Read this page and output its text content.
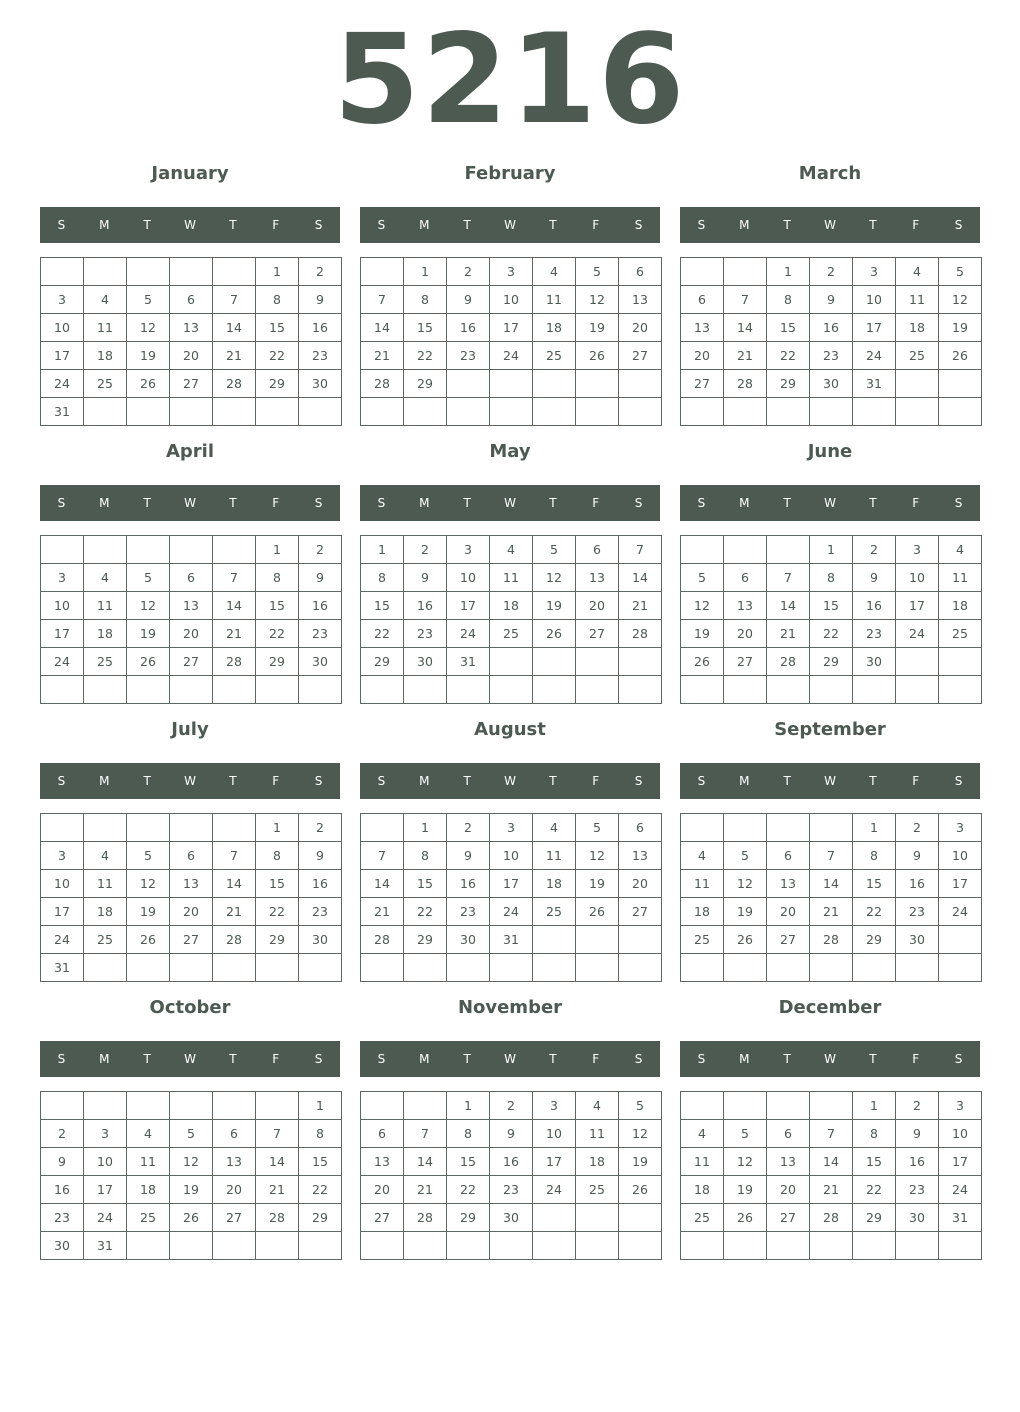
5216
January
S	M	T	W	T	F	S
					1	2
3	4	5	6	7	8	9
10	11	12	13	14	15	16
17	18	19	20	21	22	23
24	25	26	27	28	29	30
31						
February
S	M	T	W	T	F	S
	1	2	3	4	5	6
7	8	9	10	11	12	13
14	15	16	17	18	19	20
21	22	23	24	25	26	27
28	29					

March
S	M	T	W	T	F	S
		1	2	3	4	5
6	7	8	9	10	11	12
13	14	15	16	17	18	19
20	21	22	23	24	25	26
27	28	29	30	31		

April
S	M	T	W	T	F	S
					1	2
3	4	5	6	7	8	9
10	11	12	13	14	15	16
17	18	19	20	21	22	23
24	25	26	27	28	29	30

May
S	M	T	W	T	F	S
1	2	3	4	5	6	7
8	9	10	11	12	13	14
15	16	17	18	19	20	21
22	23	24	25	26	27	28
29	30	31				

June
S	M	T	W	T	F	S
			1	2	3	4
5	6	7	8	9	10	11
12	13	14	15	16	17	18
19	20	21	22	23	24	25
26	27	28	29	30		

July
S	M	T	W	T	F	S
					1	2
3	4	5	6	7	8	9
10	11	12	13	14	15	16
17	18	19	20	21	22	23
24	25	26	27	28	29	30
31						
August
S	M	T	W	T	F	S
	1	2	3	4	5	6
7	8	9	10	11	12	13
14	15	16	17	18	19	20
21	22	23	24	25	26	27
28	29	30	31			

September
S	M	T	W	T	F	S
				1	2	3
4	5	6	7	8	9	10
11	12	13	14	15	16	17
18	19	20	21	22	23	24
25	26	27	28	29	30	

October
S	M	T	W	T	F	S
						1
2	3	4	5	6	7	8
9	10	11	12	13	14	15
16	17	18	19	20	21	22
23	24	25	26	27	28	29
30	31					
November
S	M	T	W	T	F	S
		1	2	3	4	5
6	7	8	9	10	11	12
13	14	15	16	17	18	19
20	21	22	23	24	25	26
27	28	29	30			

December
S	M	T	W	T	F	S
				1	2	3
4	5	6	7	8	9	10
11	12	13	14	15	16	17
18	19	20	21	22	23	24
25	26	27	28	29	30	31
